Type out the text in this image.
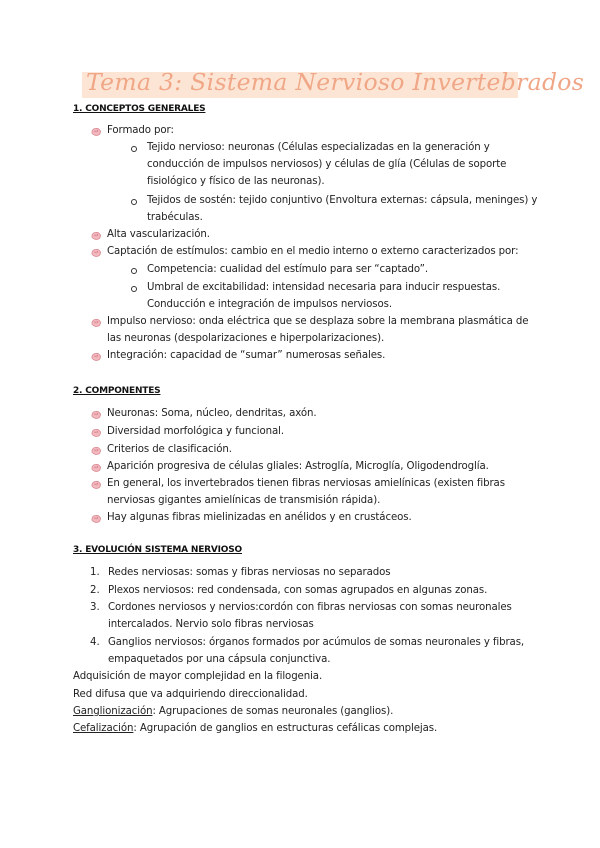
Tema 3: Sistema Nervioso Invertebrados
1. CONCEPTOS GENERALES
Formado por:
Tejido nervioso: neuronas (Células especializadas en la generación y
conducción de impulsos nerviosos) y células de glía (Células de soporte
fisiológico y físico de las neuronas).
Tejidos de sostén: tejido conjuntivo (Envoltura externas: cápsula, meninges) y
trabéculas.
Alta vascularización.
Captación de estímulos: cambio en el medio interno o externo caracterizados por:
Competencia: cualidad del estímulo para ser “captado”.
Umbral de excitabilidad: intensidad necesaria para inducir respuestas.
Conducción e integración de impulsos nerviosos.
Impulso nervioso: onda eléctrica que se desplaza sobre la membrana plasmática de
las neuronas (despolarizaciones e hiperpolarizaciones).
Integración: capacidad de “sumar” numerosas señales.
2. COMPONENTES
Neuronas: Soma, núcleo, dendritas, axón.
Diversidad morfológica y funcional.
Criterios de clasificación.
Aparición progresiva de células gliales: Astroglía, Microglía, Oligodendroglía.
En general, los invertebrados tienen fibras nerviosas amielínicas (existen fibras
nerviosas gigantes amielínicas de transmisión rápida).
Hay algunas fibras mielinizadas en anélidos y en crustáceos.
3. EVOLUCIÓN SISTEMA NERVIOSO
1. Redes nerviosas: somas y fibras nerviosas no separados
2. Plexos nerviosos: red condensada, con somas agrupados en algunas zonas.
3. Cordones nerviosos y nervios:cordón con fibras nerviosas con somas neuronales
intercalados. Nervio solo fibras nerviosas
4. Ganglios nerviosos: órganos formados por acúmulos de somas neuronales y fibras,
empaquetados por una cápsula conjunctiva.
Adquisición de mayor complejidad en la filogenia.
Red difusa que va adquiriendo direccionalidad.
Ganglionización: Agrupaciones de somas neuronales (ganglios).
Cefalización: Agrupación de ganglios en estructuras cefálicas complejas.
